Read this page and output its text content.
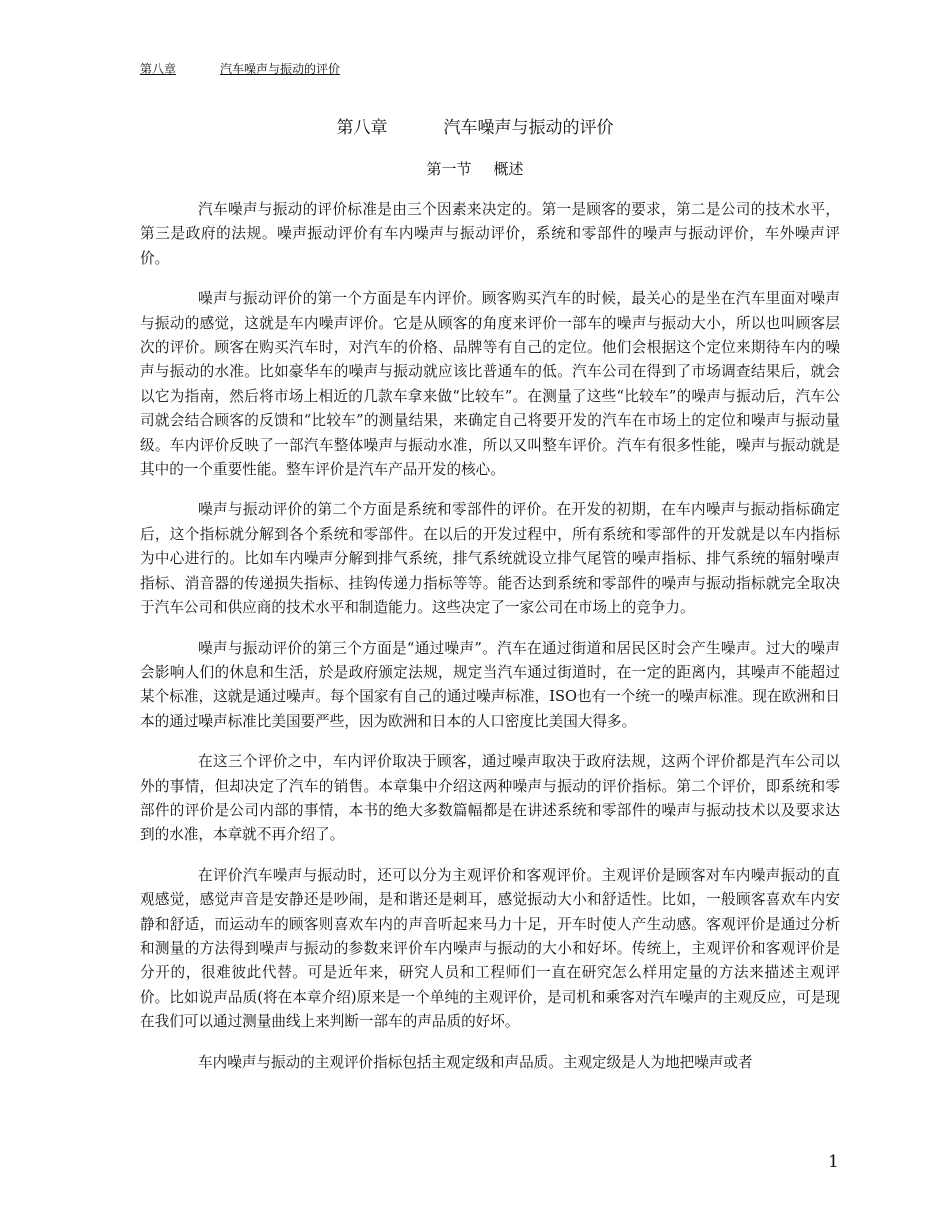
第八章	汽车噪声与振动的评价
第八章	汽车噪声与振动的评价
第一节 概述

汽车噪声与振动的评价标准是由三个因素来决定的。第一是顾客的要求，第二是公司的技术水平，第三是政府的法规。噪声振动评价有车内噪声与振动评价，系统和零部件的噪声与振动评价，车外噪声评价。

噪声与振动评价的第一个方面是车内评价。顾客购买汽车的时候，最关心的是坐在汽车里面对噪声与振动的感觉，这就是车内噪声评价。它是从顾客的角度来评价一部车的噪声与振动大小，所以也叫顾客层次的评价。顾客在购买汽车时，对汽车的价格、品牌等有自己的定位。他们会根据这个定位来期待车内的噪声与振动的水准。比如豪华车的噪声与振动就应该比普通车的低。汽车公司在得到了市场调查结果后，就会以它为指南，然后将市场上相近的几款车拿来做“比较车”。在测量了这些“比较车”的噪声与振动后，汽车公司就会结合顾客的反馈和“比较车”的测量结果，来确定自己将要开发的汽车在市场上的定位和噪声与振动量级。车内评价反映了一部汽车整体噪声与振动水准，所以又叫整车评价。汽车有很多性能，噪声与振动就是其中的一个重要性能。整车评价是汽车产品开发的核心。

噪声与振动评价的第二个方面是系统和零部件的评价。在开发的初期，在车内噪声与振动指标确定后，这个指标就分解到各个系统和零部件。在以后的开发过程中，所有系统和零部件的开发就是以车内指标为中心进行的。比如车内噪声分解到排气系统，排气系统就设立排气尾管的噪声指标、排气系统的辐射噪声指标、消音器的传递损失指标、挂钩传递力指标等等。能否达到系统和零部件的噪声与振动指标就完全取决于汽车公司和供应商的技术水平和制造能力。这些决定了一家公司在市场上的竞争力。

噪声与振动评价的第三个方面是“通过噪声”。汽车在通过街道和居民区时会产生噪声。过大的噪声会影响人们的休息和生活，於是政府颁定法规，规定当汽车通过街道时，在一定的距离内，其噪声不能超过某个标准，这就是通过噪声。每个国家有自己的通过噪声标准，ISO也有一个统一的噪声标准。现在欧洲和日本的通过噪声标准比美国要严些，因为欧洲和日本的人口密度比美国大得多。

在这三个评价之中，车内评价取决于顾客，通过噪声取决于政府法规，这两个评价都是汽车公司以外的事情，但却决定了汽车的销售。本章集中介绍这两种噪声与振动的评价指标。第二个评价，即系统和零部件的评价是公司内部的事情，本书的绝大多数篇幅都是在讲述系统和零部件的噪声与振动技术以及要求达到的水准，本章就不再介绍了。

在评价汽车噪声与振动时，还可以分为主观评价和客观评价。主观评价是顾客对车内噪声振动的直观感觉，感觉声音是安静还是吵闹，是和谐还是刺耳，感觉振动大小和舒适性。比如，一般顾客喜欢车内安静和舒适，而运动车的顾客则喜欢车内的声音听起来马力十足，开车时使人产生动感。客观评价是通过分析和测量的方法得到噪声与振动的参数来评价车内噪声与振动的大小和好坏。传统上，主观评价和客观评价是分开的，很难彼此代替。可是近年来，研究人员和工程师们一直在研究怎么样用定量的方法来描述主观评价。比如说声品质(将在本章介绍)原来是一个单纯的主观评价，是司机和乘客对汽车噪声的主观反应，可是现在我们可以通过测量曲线上来判断一部车的声品质的好坏。

车内噪声与振动的主观评价指标包括主观定级和声品质。主观定级是人为地把噪声或者

1
